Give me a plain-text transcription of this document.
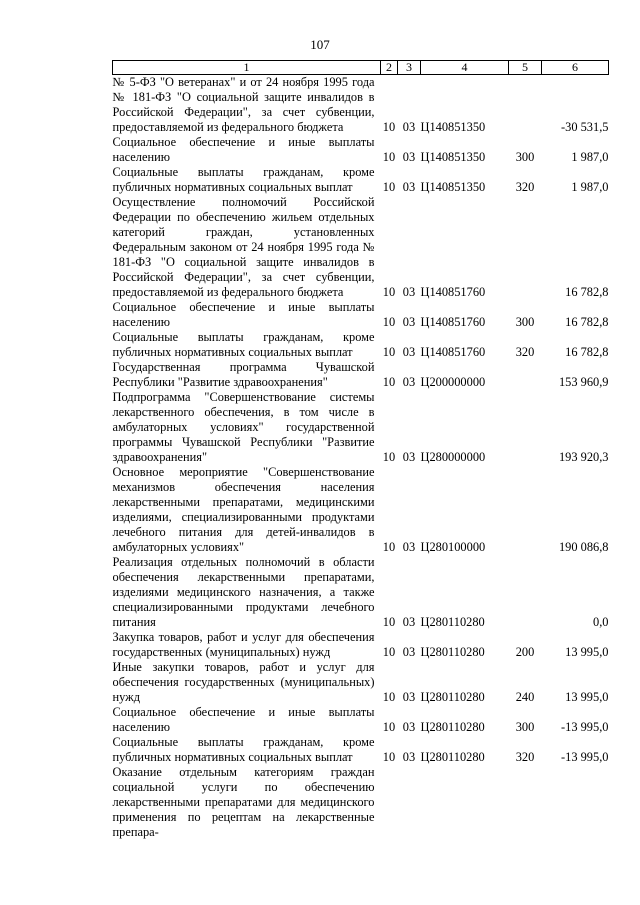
107
1	2	3	4	5	6
№ 5-ФЗ "О ветеранах" и от 24 ноября 1995 года № 181-ФЗ "О социальной защите инвалидов в Российской Федерации", за счет субвенции, предоставляемой из федерального бюджета	10	03	Ц140851350		-30 531,5
Социальное обеспечение и иные выплаты населению	10	03	Ц140851350	300	1 987,0
Социальные выплаты гражданам, кроме публичных нормативных социальных выплат	10	03	Ц140851350	320	1 987,0
Осуществление полномочий Российской Федерации по обеспечению жильем отдельных категорий граждан, установленных Федеральным законом от 24 ноября 1995 года № 181-ФЗ "О социальной защите инвалидов в Российской Федерации", за счет субвенции, предоставляемой из федерального бюджета	10	03	Ц140851760		16 782,8
Социальное обеспечение и иные выплаты населению	10	03	Ц140851760	300	16 782,8
Социальные выплаты гражданам, кроме публичных нормативных социальных выплат	10	03	Ц140851760	320	16 782,8
Государственная программа Чувашской Республики "Развитие здравоохранения"	10	03	Ц200000000		153 960,9
Подпрограмма "Совершенствование системы лекарственного обеспечения, в том числе в амбулаторных условиях" государственной программы Чувашской Республики "Развитие здравоохранения"	10	03	Ц280000000		193 920,3
Основное мероприятие "Совершенствование механизмов обеспечения населения лекарственными препаратами, медицинскими изделиями, специализированными продуктами лечебного питания для детей-инвалидов в амбулаторных условиях"	10	03	Ц280100000		190 086,8
Реализация отдельных полномочий в области обеспечения лекарственными препаратами, изделиями медицинского назначения, а также специализированными продуктами лечебного питания	10	03	Ц280110280		0,0
Закупка товаров, работ и услуг для обеспечения государственных (муниципальных) нужд	10	03	Ц280110280	200	13 995,0
Иные закупки товаров, работ и услуг для обеспечения государственных (муниципальных) нужд	10	03	Ц280110280	240	13 995,0
Социальное обеспечение и иные выплаты населению	10	03	Ц280110280	300	-13 995,0
Социальные выплаты гражданам, кроме публичных нормативных социальных выплат	10	03	Ц280110280	320	-13 995,0
Оказание отдельным категориям граждан социальной услуги по обеспечению лекарственными препаратами для медицинского применения по рецептам на лекарственные препара-					
